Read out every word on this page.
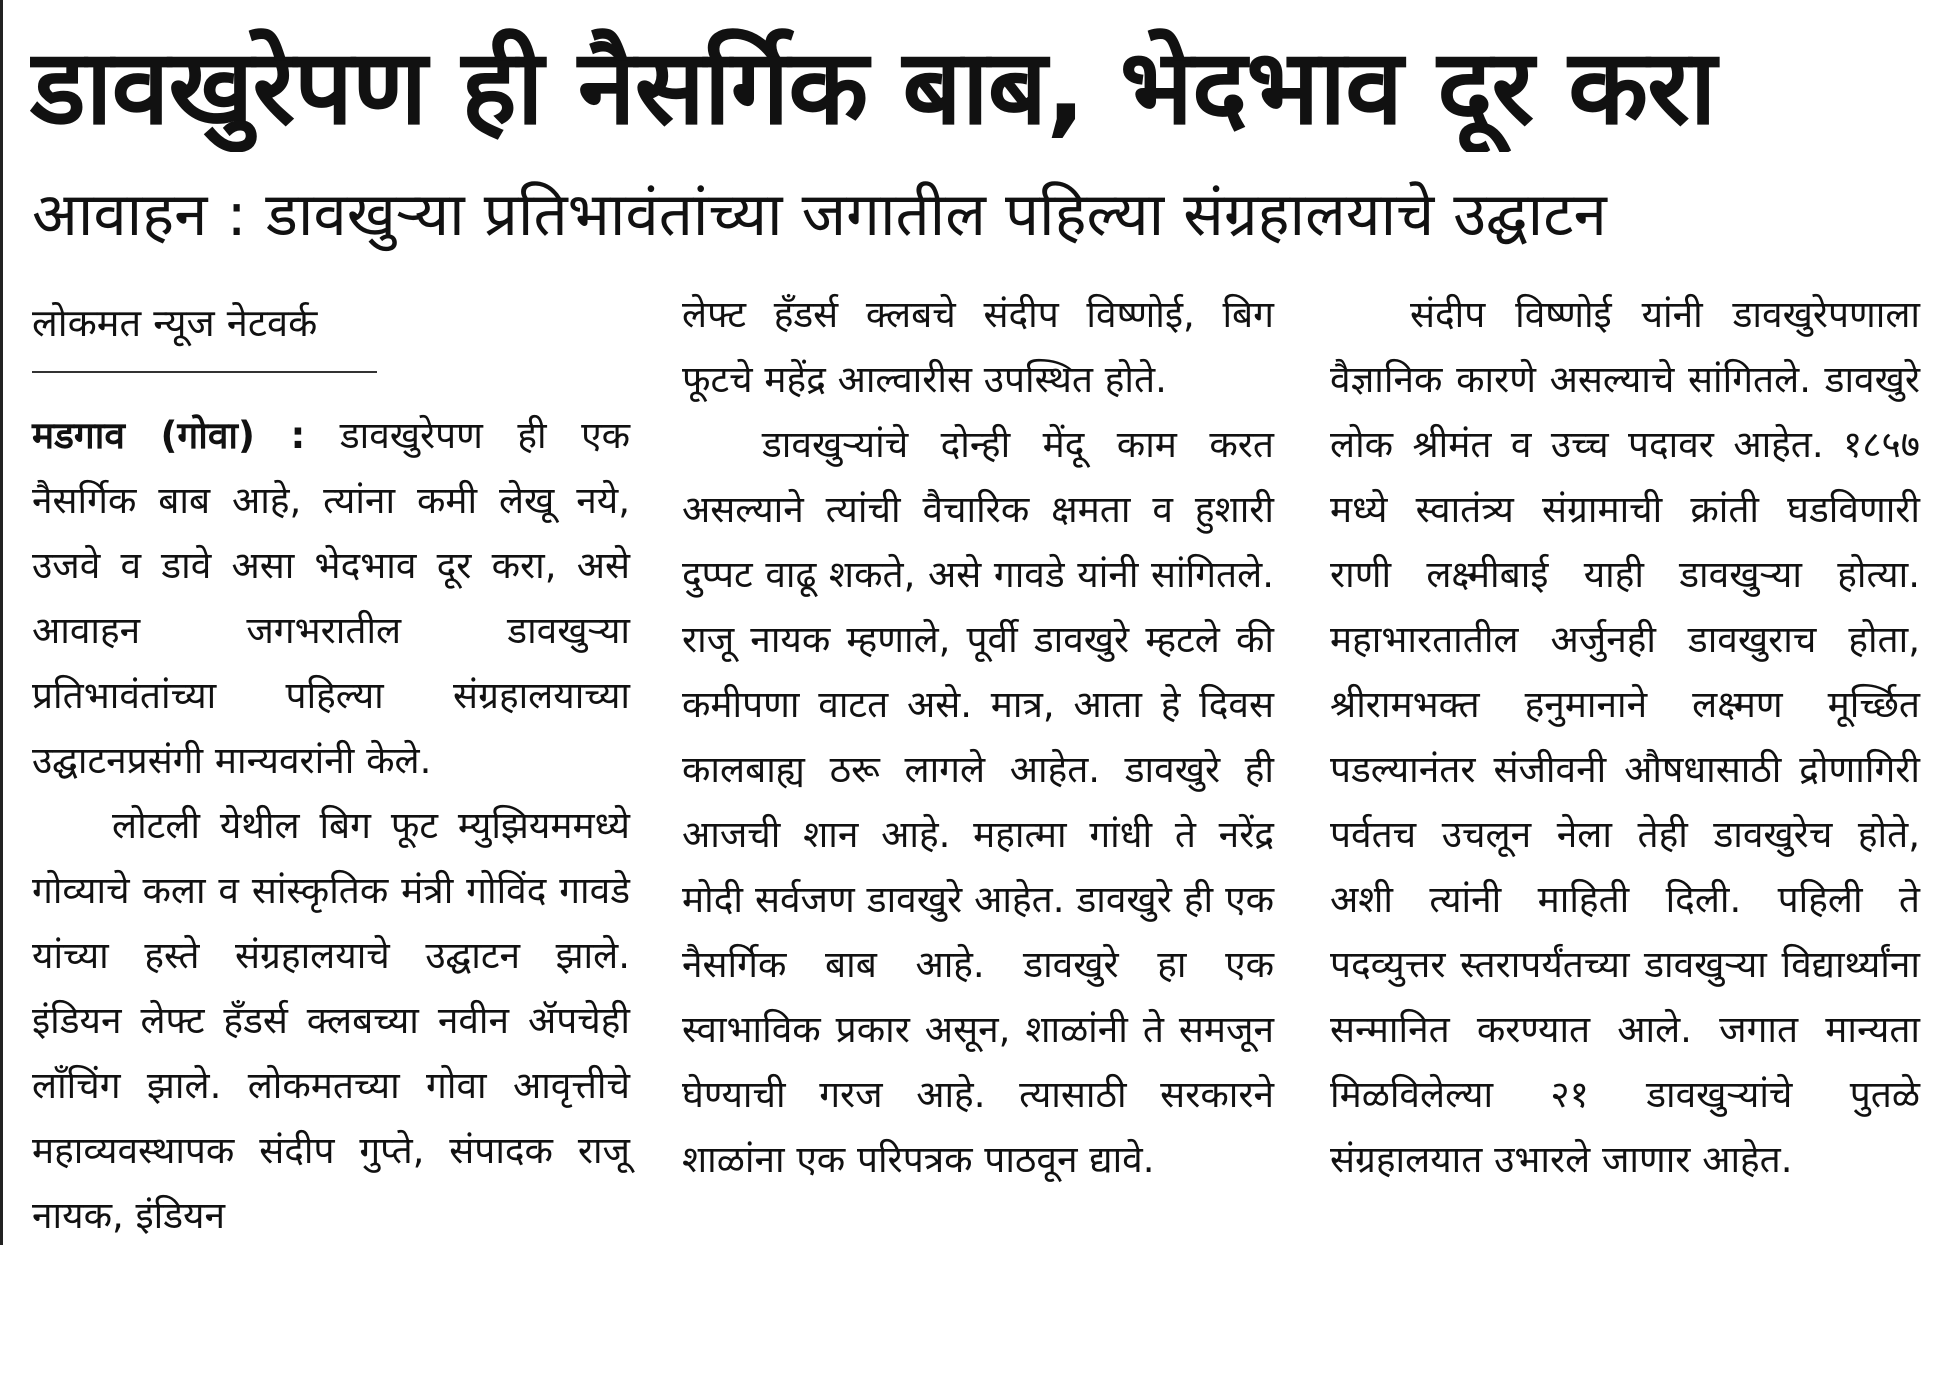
डावखुरेपण ही नैसर्गिक बाब, भेदभाव दूर करा
आवाहन : डावखुऱ्या प्रतिभावंतांच्या जगातील पहिल्या संग्रहालयाचे उद्घाटन

लोकमत न्यूज नेटवर्क

मडगाव (गोवा) : डावखुरेपण ही एक नैसर्गिक बाब आहे, त्यांना कमी लेखू नये, उजवे व डावे असा भेदभाव दूर करा, असे आवाहन जगभरातील डावखुऱ्या प्रतिभावंतांच्या पहिल्या संग्रहालयाच्या उद्घाटनप्रसंगी मान्यवरांनी केले.

लोटली येथील बिग फूट म्युझियममध्ये गोव्याचे कला व सांस्कृतिक मंत्री गोविंद गावडे यांच्या हस्ते संग्रहालयाचे उद्घाटन झाले. इंडियन लेफ्ट हँडर्स क्लबच्या नवीन ॲपचेही लाँचिंग झाले. लोकमतच्या गोवा आवृत्तीचे महाव्यवस्थापक संदीप गुप्ते, संपादक राजू नायक, इंडियन

लेफ्ट हँडर्स क्लबचे संदीप विष्णोई, बिग फूटचे महेंद्र आल्वारीस उपस्थित होते.

डावखुऱ्यांचे दोन्ही मेंदू काम करत असल्याने त्यांची वैचारिक क्षमता व हुशारी दुप्पट वाढू शकते, असे गावडे यांनी सांगितले. राजू नायक म्हणाले, पूर्वी डावखुरे म्हटले की कमीपणा वाटत असे. मात्र, आता हे दिवस कालबाह्य ठरू लागले आहेत. डावखुरे ही आजची शान आहे. महात्मा गांधी ते नरेंद्र मोदी सर्वजण डावखुरे आहेत. डावखुरे ही एक नैसर्गिक बाब आहे. डावखुरे हा एक स्वाभाविक प्रकार असून, शाळांनी ते समजून घेण्याची गरज आहे. त्यासाठी सरकारने शाळांना एक परिपत्रक पाठवून द्यावे.

संदीप विष्णोई यांनी डावखुरेपणाला वैज्ञानिक कारणे असल्याचे सांगितले. डावखुरे लोक श्रीमंत व उच्च पदावर आहेत. १८५७ मध्ये स्वातंत्र्य संग्रामाची क्रांती घडविणारी राणी लक्ष्मीबाई याही डावखुऱ्या होत्या. महाभारतातील अर्जुनही डावखुराच होता, श्रीरामभक्त हनुमानाने लक्ष्मण मूर्च्छित पडल्यानंतर संजीवनी औषधासाठी द्रोणागिरी पर्वतच उचलून नेला तेही डावखुरेच होते, अशी त्यांनी माहिती दिली. पहिली ते पदव्युत्तर स्तरापर्यंतच्या डावखुऱ्या विद्यार्थ्यांना सन्मानित करण्यात आले. जगात मान्यता मिळविलेल्या २१ डावखुऱ्यांचे पुतळे संग्रहालयात उभारले जाणार आहेत.
